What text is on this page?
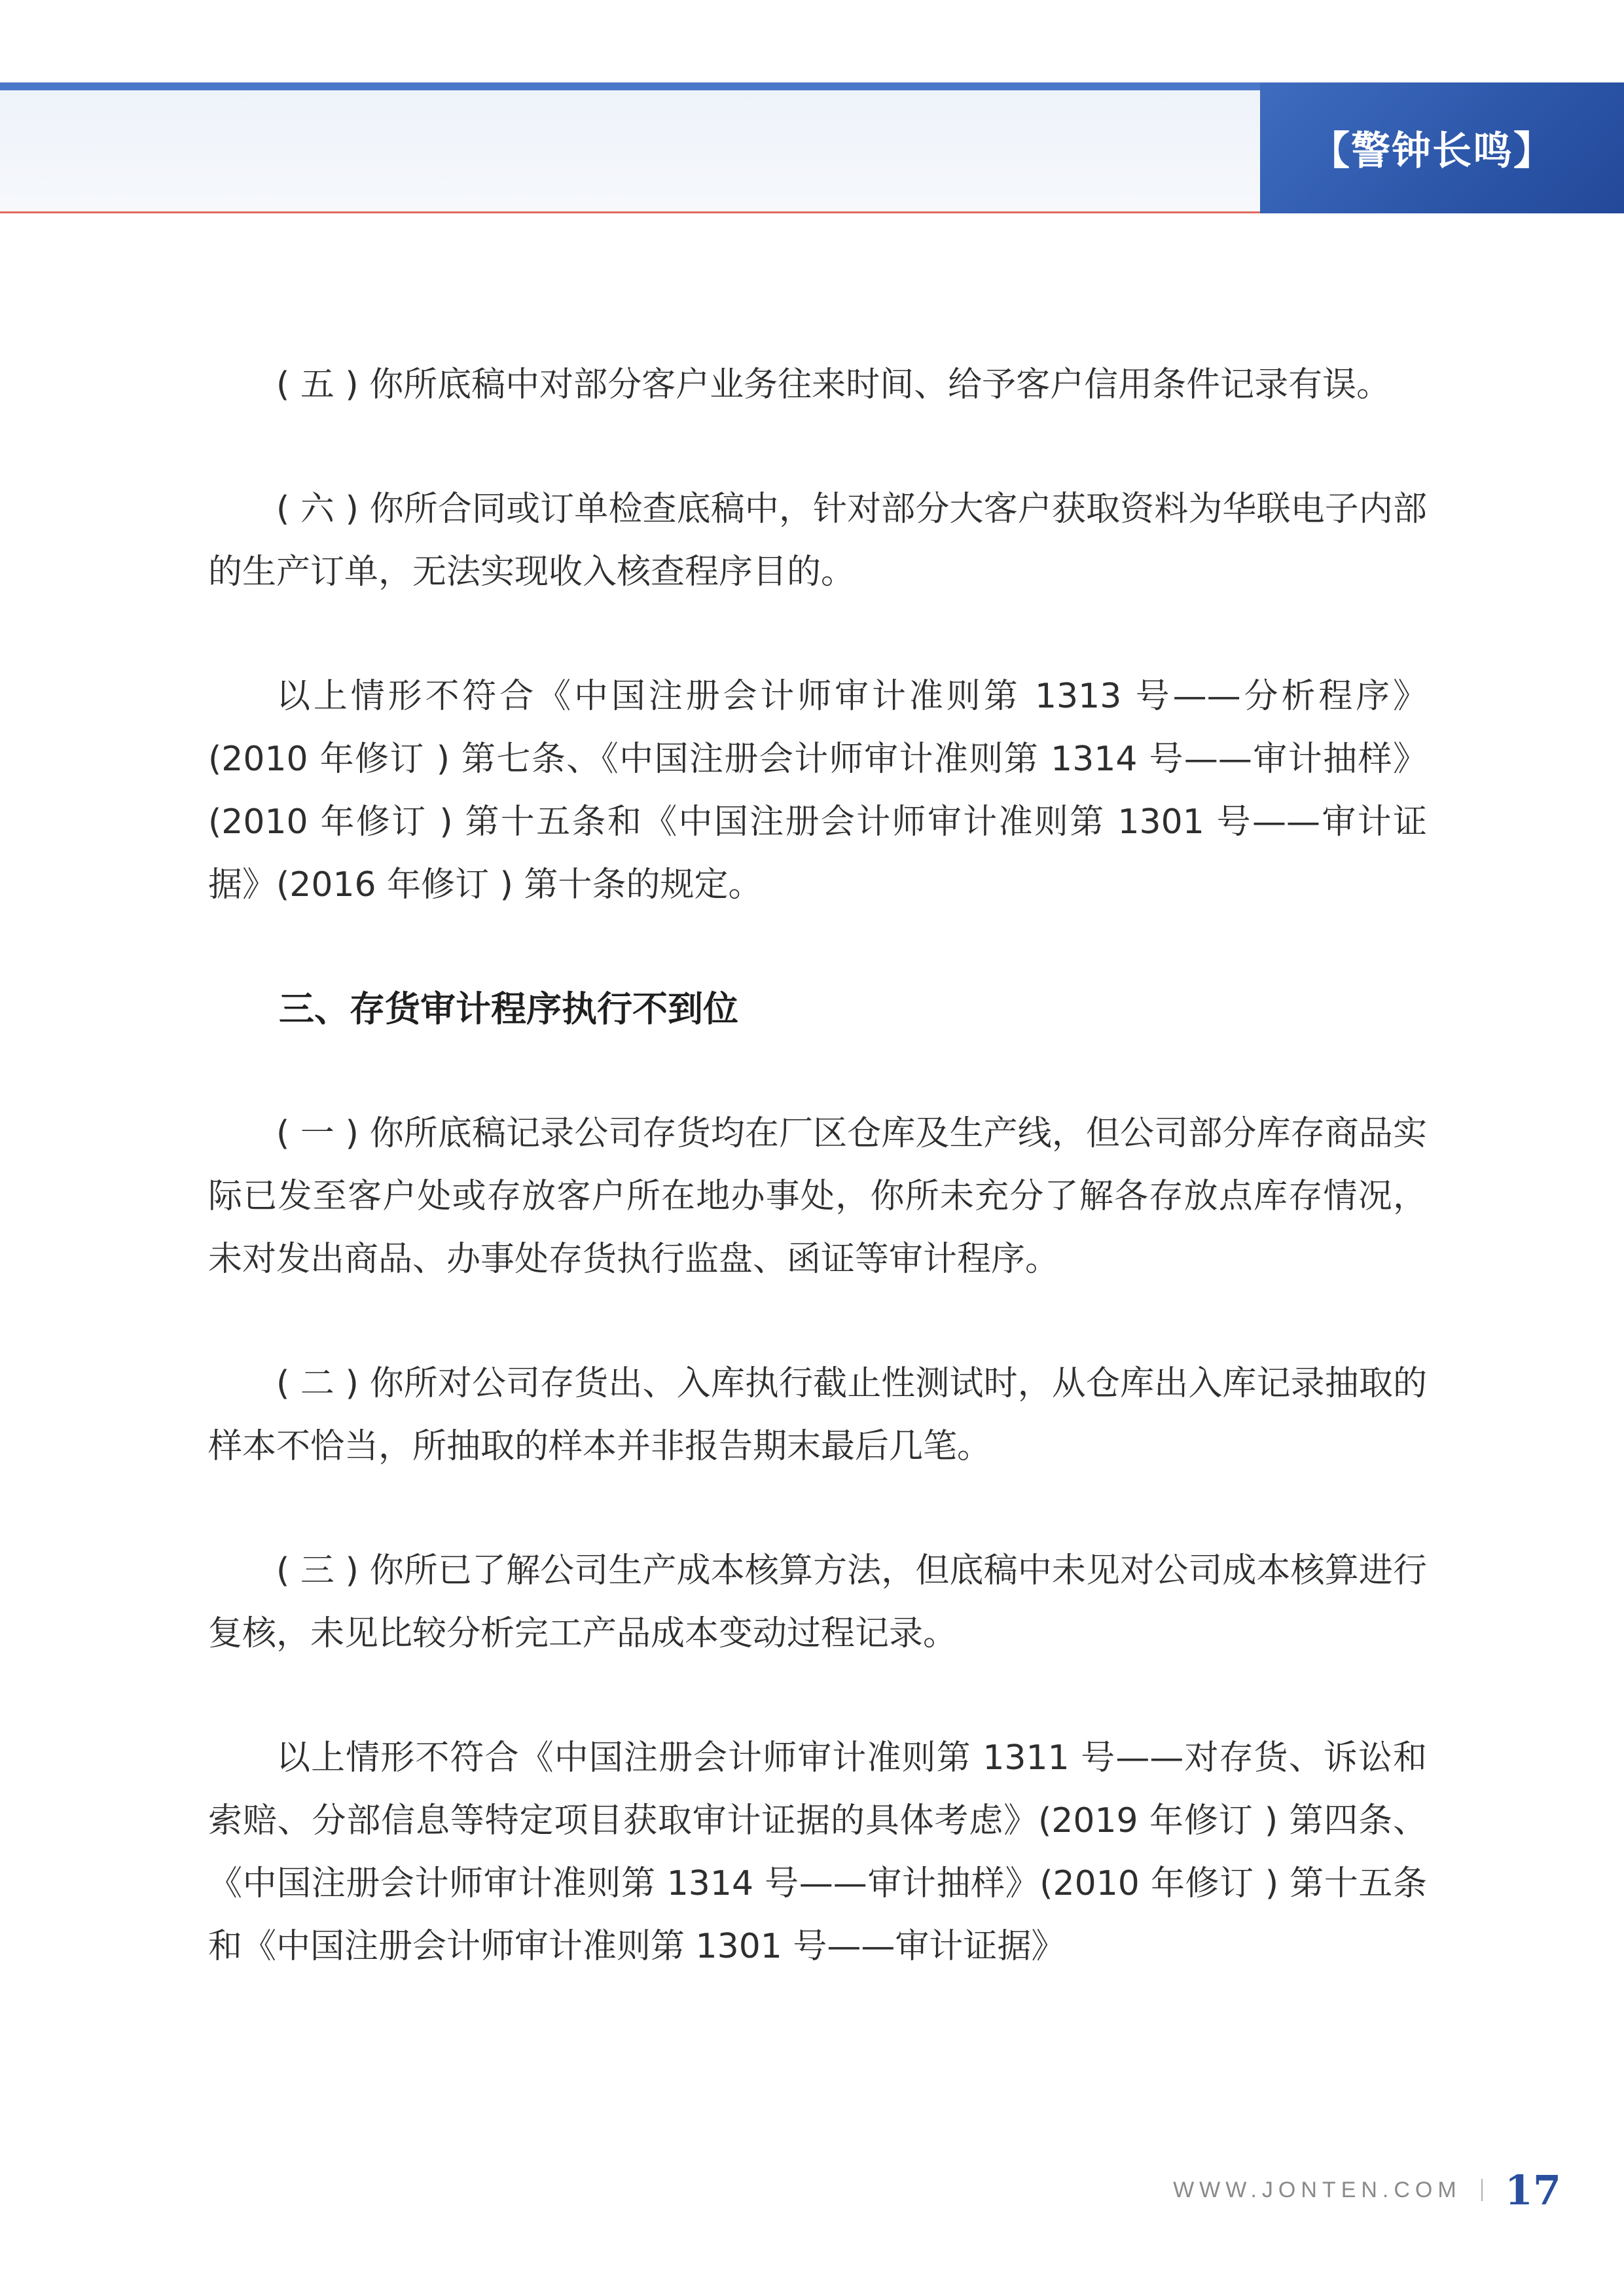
【警钟长鸣】

( 五 ) 你所底稿中对部分客户业务往来时间、给予客户信用条件记录有误。

( 六 ) 你所合同或订单检查底稿中，针对部分大客户获取资料为华联电子内部的生产订单，无法实现收入核查程序目的。

以上情形不符合《中国注册会计师审计准则第 1313 号——分析程序》(2010 年修订 ) 第七条、《中国注册会计师审计准则第 1314 号——审计抽样》(2010 年修订 ) 第十五条和《中国注册会计师审计准则第 1301 号——审计证据》(2016 年修订 ) 第十条的规定。

三、存货审计程序执行不到位

( 一 ) 你所底稿记录公司存货均在厂区仓库及生产线，但公司部分库存商品实际已发至客户处或存放客户所在地办事处，你所未充分了解各存放点库存情况，未对发出商品、办事处存货执行监盘、函证等审计程序。

( 二 ) 你所对公司存货出、入库执行截止性测试时，从仓库出入库记录抽取的样本不恰当，所抽取的样本并非报告期末最后几笔。

( 三 ) 你所已了解公司生产成本核算方法，但底稿中未见对公司成本核算进行复核，未见比较分析完工产品成本变动过程记录。

以上情形不符合《中国注册会计师审计准则第 1311 号——对存货、诉讼和索赔、分部信息等特定项目获取审计证据的具体考虑》(2019 年修订 ) 第四条、《中国注册会计师审计准则第 1314 号——审计抽样》(2010 年修订 ) 第十五条和《中国注册会计师审计准则第 1301 号——审计证据》

WWW.JONTEN.COM 17
